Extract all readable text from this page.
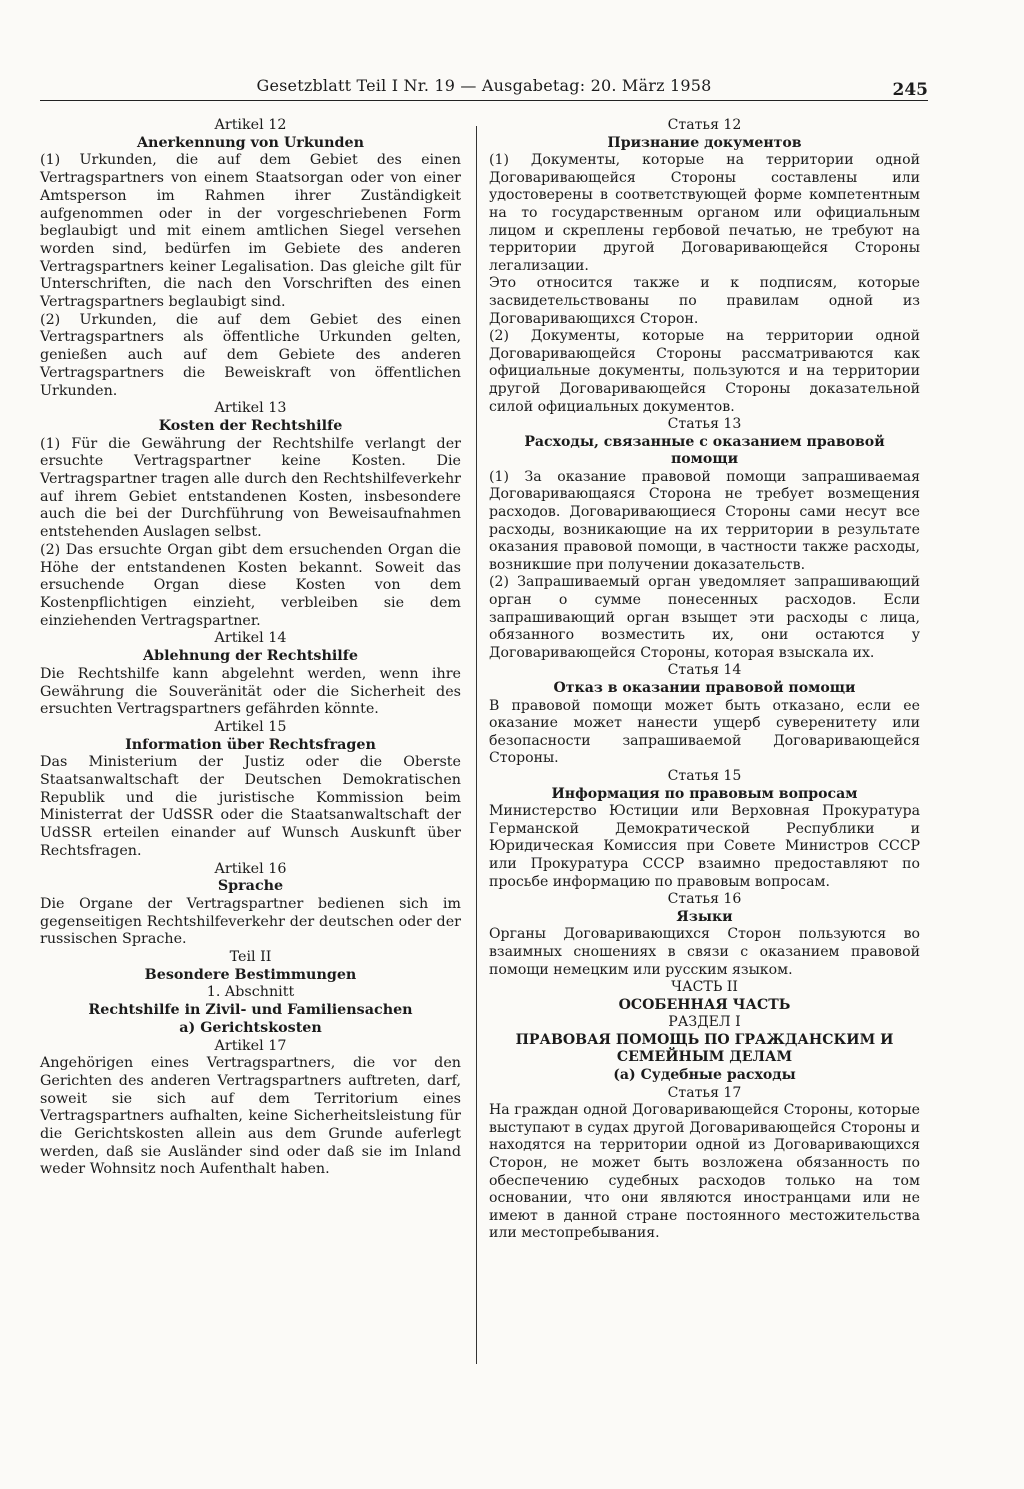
Gesetzblatt Teil I Nr. 19 — Ausgabetag: 20. März 1958	245

Artikel 12

Anerkennung von Urkunden

(1) Urkunden, die auf dem Gebiet des einen Vertragspartners von einem Staatsorgan oder von einer Amtsperson im Rahmen ihrer Zuständigkeit aufgenommen oder in der vorgeschriebenen Form beglaubigt und mit einem amtlichen Siegel versehen worden sind, bedürfen im Gebiete des anderen Vertragspartners keiner Legalisation. Das gleiche gilt für Unterschriften, die nach den Vorschriften des einen Vertragspartners beglaubigt sind.

(2) Urkunden, die auf dem Gebiet des einen Vertragspartners als öffentliche Urkunden gelten, genießen auch auf dem Gebiete des anderen Vertragspartners die Beweiskraft von öffentlichen Urkunden.

Artikel 13

Kosten der Rechtshilfe

(1) Für die Gewährung der Rechtshilfe verlangt der ersuchte Vertragspartner keine Kosten. Die Vertragspartner tragen alle durch den Rechtshilfeverkehr auf ihrem Gebiet entstandenen Kosten, insbesondere auch die bei der Durchführung von Beweisaufnahmen entstehenden Auslagen selbst.

(2) Das ersuchte Organ gibt dem ersuchenden Organ die Höhe der entstandenen Kosten bekannt. Soweit das ersuchende Organ diese Kosten von dem Kostenpflichtigen einzieht, verbleiben sie dem einziehenden Vertragspartner.

Artikel 14

Ablehnung der Rechtshilfe

Die Rechtshilfe kann abgelehnt werden, wenn ihre Gewährung die Souveränität oder die Sicherheit des ersuchten Vertragspartners gefährden könnte.

Artikel 15

Information über Rechtsfragen

Das Ministerium der Justiz oder die Oberste Staatsanwaltschaft der Deutschen Demokratischen Republik und die juristische Kommission beim Ministerrat der UdSSR oder die Staatsanwaltschaft der UdSSR erteilen einander auf Wunsch Auskunft über Rechtsfragen.

Artikel 16

Sprache

Die Organe der Vertragspartner bedienen sich im gegenseitigen Rechtshilfeverkehr der deutschen oder der russischen Sprache.

Teil II

Besondere Bestimmungen

1. Abschnitt

Rechtshilfe in Zivil- und Familiensachen

a) Gerichtskosten

Artikel 17

Angehörigen eines Vertragspartners, die vor den Gerichten des anderen Vertragspartners auftreten, darf, soweit sie sich auf dem Territorium eines Vertragspartners aufhalten, keine Sicherheitsleistung für die Gerichtskosten allein aus dem Grunde auferlegt werden, daß sie Ausländer sind oder daß sie im Inland weder Wohnsitz noch Aufenthalt haben.

Статья 12

Признание документов

(1) Документы, которые на территории одной Договаривающейся Стороны составлены или удостоверены в соответствующей форме компетентным на то государственным органом или официальным лицом и скреплены гербовой печатью, не требуют на территории другой Договаривающейся Стороны легализации.

Это относится также и к подписям, которые засвидетельствованы по правилам одной из Договаривающихся Сторон.

(2) Документы, которые на территории одной Договаривающейся Стороны рассматриваются как официальные документы, пользуются и на территории другой Договаривающейся Стороны доказательной силой официальных документов.

Статья 13

Расходы, связанные с оказанием правовой помощи

(1) За оказание правовой помощи запрашиваемая Договаривающаяся Сторона не требует возмещения расходов. Договаривающиеся Стороны сами несут все расходы, возникающие на их территории в результате оказания правовой помощи, в частности также расходы, возникшие при получении доказательств.

(2) Запрашиваемый орган уведомляет запрашивающий орган о сумме понесенных расходов. Если запрашивающий орган взыщет эти расходы с лица, обязанного возместить их, они остаются у Договаривающейся Стороны, которая взыскала их.

Статья 14

Отказ в оказании правовой помощи

В правовой помощи может быть отказано, если ее оказание может нанести ущерб суверенитету или безопасности запрашиваемой Договаривающейся Стороны.

Статья 15

Информация по правовым вопросам

Министерство Юстиции или Верховная Прокуратура Германской Демократической Республики и Юридическая Комиссия при Совете Министров СССР или Прокуратура СССР взаимно предоставляют по просьбе информацию по правовым вопросам.

Статья 16

Языки

Органы Договаривающихся Сторон пользуются во взаимных сношениях в связи с оказанием правовой помощи немецким или русским языком.

ЧАСТЬ II

ОСОБЕННАЯ ЧАСТЬ

РАЗДЕЛ I

ПРАВОВАЯ ПОМОЩЬ ПО ГРАЖДАНСКИМ И СЕМЕЙНЫМ ДЕЛАМ

(а) Судебные расходы

Статья 17

На граждан одной Договаривающейся Стороны, которые выступают в судах другой Договаривающейся Стороны и находятся на территории одной из Договаривающихся Сторон, не может быть возложена обязанность по обеспечению судебных расходов только на том основании, что они являются иностранцами или не имеют в данной стране постоянного местожительства или местопребывания.
